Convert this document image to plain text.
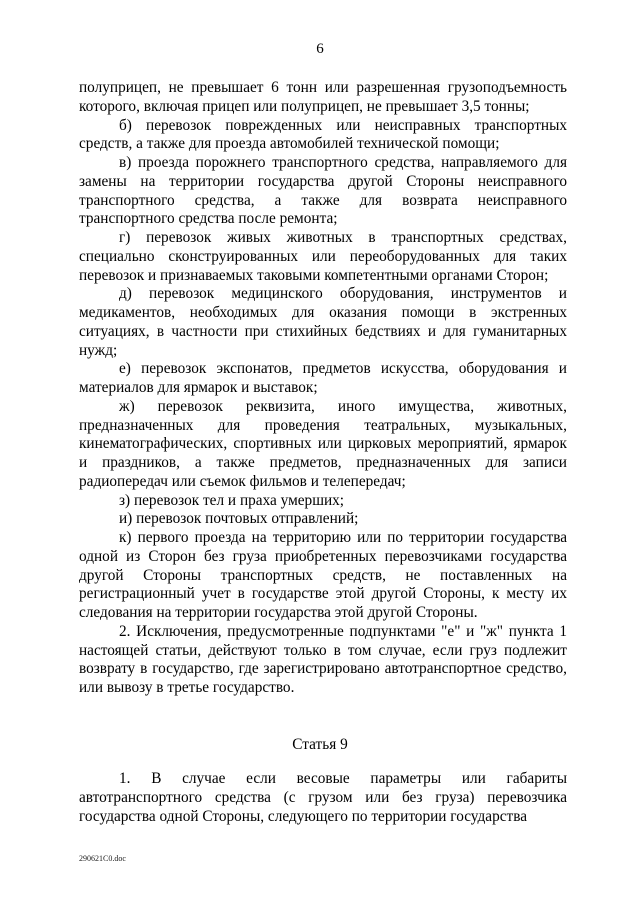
6

полуприцеп, не превышает 6 тонн или разрешенная грузоподъемность которого, включая прицеп или полуприцеп, не превышает 3,5 тонны;

б) перевозок поврежденных или неисправных транспортных средств, а также для проезда автомобилей технической помощи;

в) проезда порожнего транспортного средства, направляемого для замены на территории государства другой Стороны неисправного транспортного средства, а также для возврата неисправного транспортного средства после ремонта;

г) перевозок живых животных в транспортных средствах, специально сконструированных или переоборудованных для таких перевозок и признаваемых таковыми компетентными органами Сторон;

д) перевозок медицинского оборудования, инструментов и медикаментов, необходимых для оказания помощи в экстренных ситуациях, в частности при стихийных бедствиях и для гуманитарных нужд;

е) перевозок экспонатов, предметов искусства, оборудования и материалов для ярмарок и выставок;

ж) перевозок реквизита, иного имущества, животных, предназначенных для проведения театральных, музыкальных, кинематографических, спортивных или цирковых мероприятий, ярмарок и праздников, а также предметов, предназначенных для записи радиопередач или съемок фильмов и телепередач;

з) перевозок тел и праха умерших;

и) перевозок почтовых отправлений;

к) первого проезда на территорию или по территории государства одной из Сторон без груза приобретенных перевозчиками государства другой Стороны транспортных средств, не поставленных на регистрационный учет в государстве этой другой Стороны, к месту их следования на территории государства этой другой Стороны.

2. Исключения, предусмотренные подпунктами "е" и "ж" пункта 1 настоящей статьи, действуют только в том случае, если груз подлежит возврату в государство, где зарегистрировано автотранспортное средство, или вывозу в третье государство.

Статья 9

1. В случае если весовые параметры или габариты автотранспортного средства (с грузом или без груза) перевозчика государства одной Стороны, следующего по территории государства

290621C0.doc
